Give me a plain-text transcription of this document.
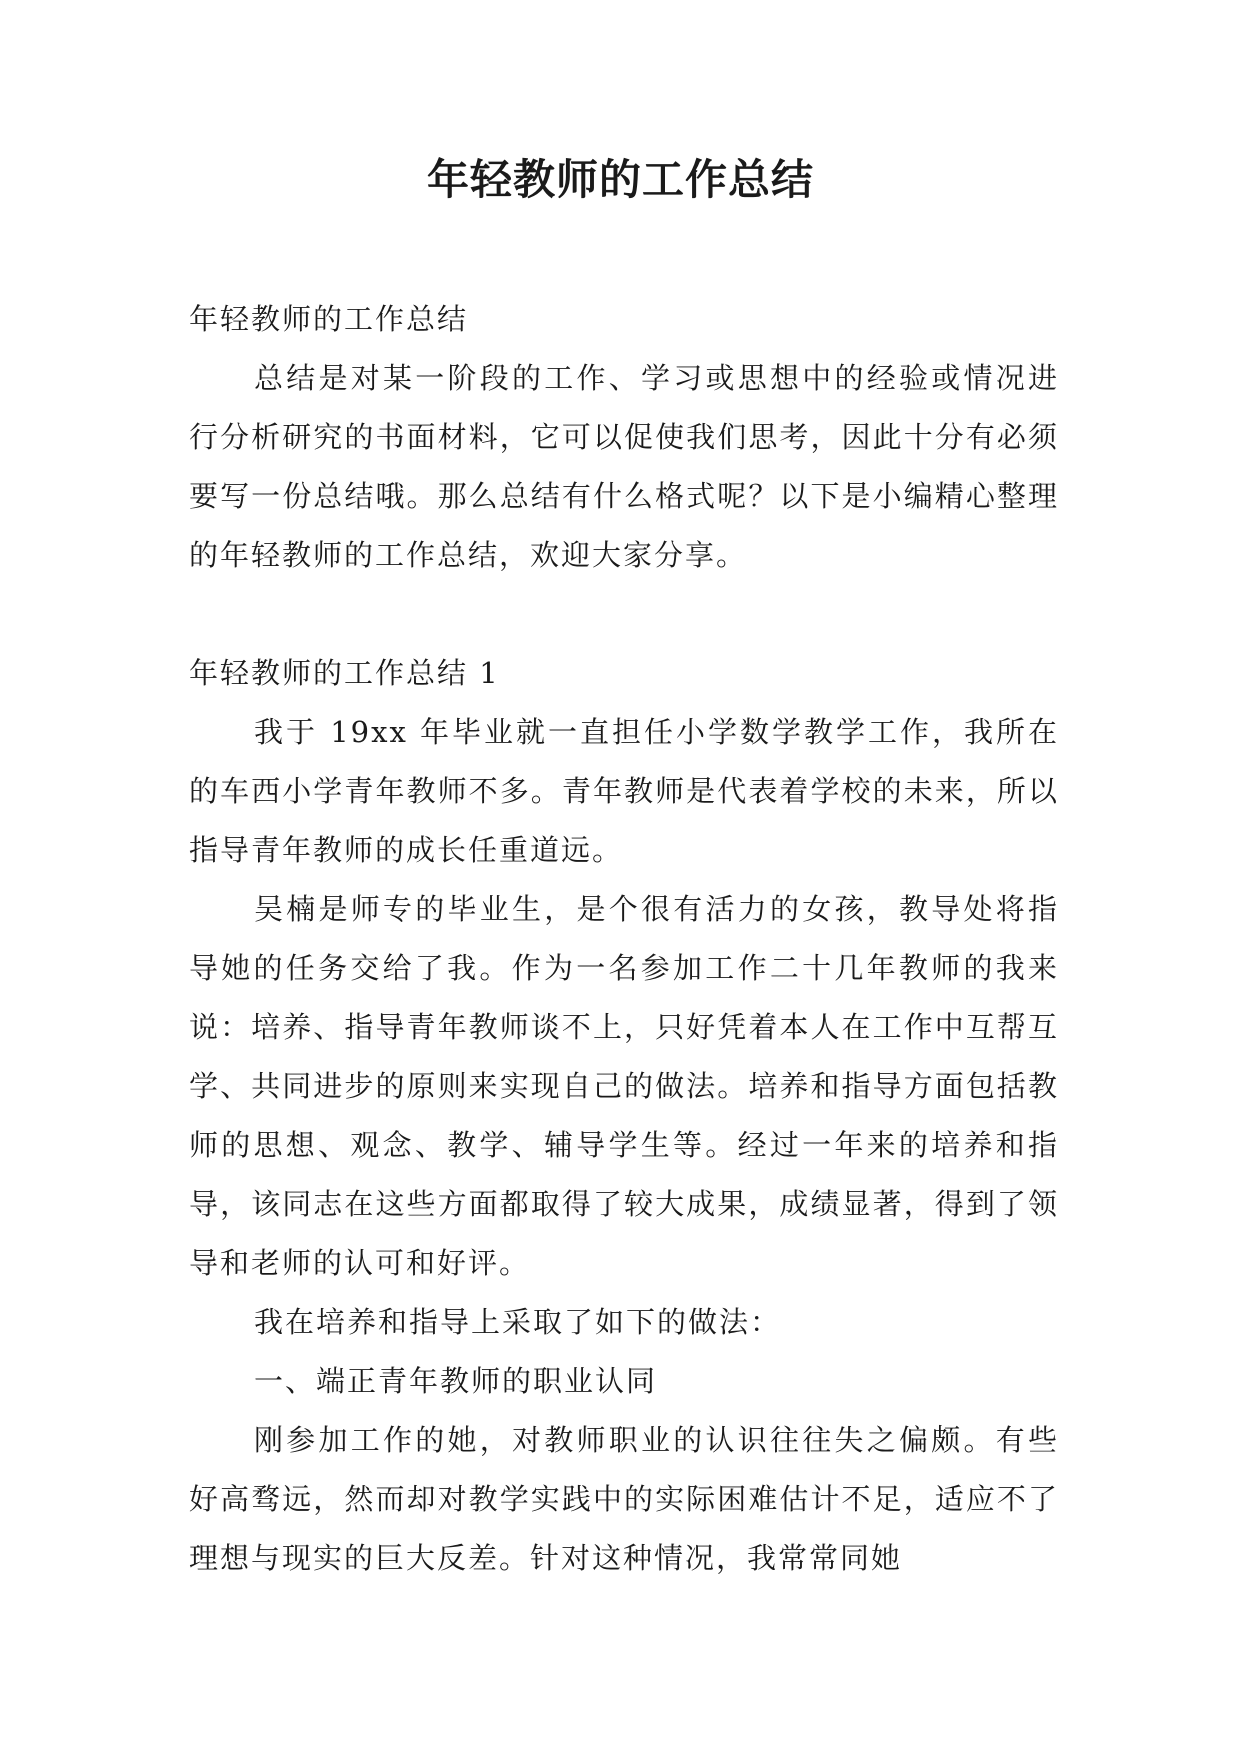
年轻教师的工作总结

年轻教师的工作总结

总结是对某一阶段的工作、学习或思想中的经验或情况进行分析研究的书面材料，它可以促使我们思考，因此十分有必须要写一份总结哦。那么总结有什么格式呢？以下是小编精心整理的年轻教师的工作总结，欢迎大家分享。

年轻教师的工作总结 1

我于 19xx 年毕业就一直担任小学数学教学工作，我所在的车西小学青年教师不多。青年教师是代表着学校的未来，所以指导青年教师的成长任重道远。

吴楠是师专的毕业生，是个很有活力的女孩，教导处将指导她的任务交给了我。作为一名参加工作二十几年教师的我来说：培养、指导青年教师谈不上，只好凭着本人在工作中互帮互学、共同进步的原则来实现自己的做法。培养和指导方面包括教师的思想、观念、教学、辅导学生等。经过一年来的培养和指导，该同志在这些方面都取得了较大成果，成绩显著，得到了领导和老师的认可和好评。

我在培养和指导上采取了如下的做法：

一、端正青年教师的职业认同

刚参加工作的她，对教师职业的认识往往失之偏颇。有些好高骛远，然而却对教学实践中的实际困难估计不足，适应不了理想与现实的巨大反差。针对这种情况，我常常同她
